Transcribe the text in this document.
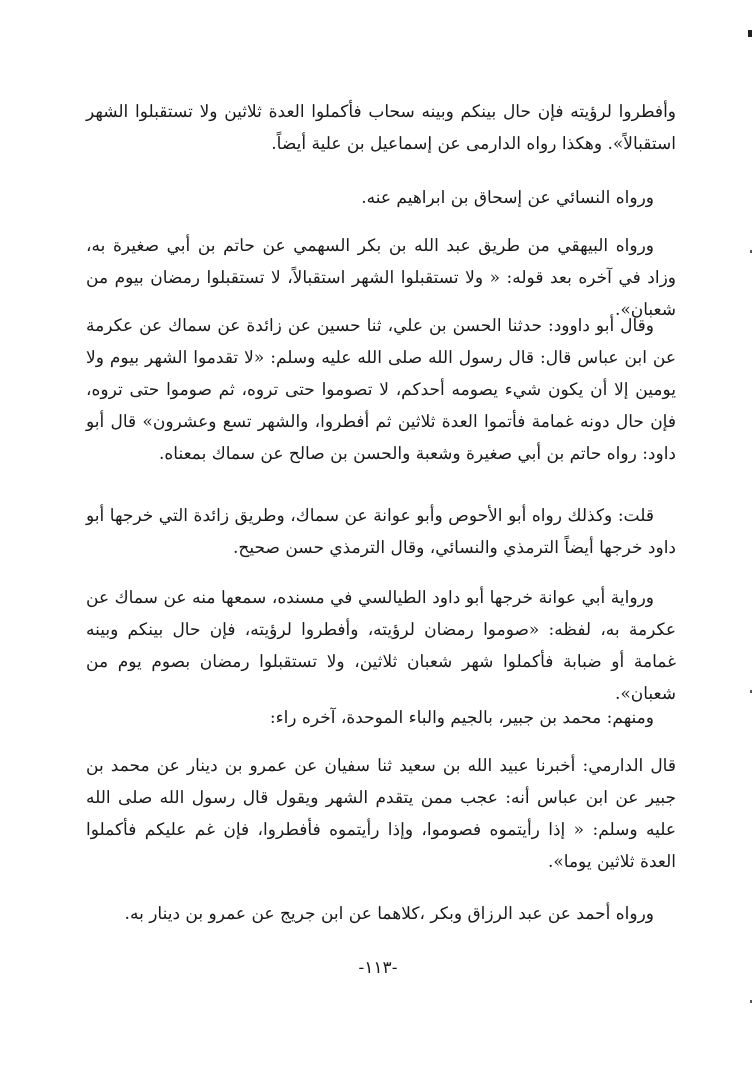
وأفطروا لرؤيته فإن حال بينكم وبينه سحاب فأكملوا العدة ثلاثين ولا تستقبلوا الشهر استقبالاً». وهكذا رواه الدارمى عن إسماعيل بن علية أيضاً.
ورواه النسائي عن إسحاق بن ابراهيم عنه.
ورواه البيهقي من طريق عبد الله بن بكر السهمي عن حاتم بن أبي صغيرة به، وزاد في آخره بعد قوله: « ولا تستقبلوا الشهر استقبالاً، لا تستقبلوا رمضان بيوم من شعبان».
وقال أبو داوود: حدثنا الحسن بن علي، ثنا حسين عن زائدة عن سماك عن عكرمة عن ابن عباس قال: قال رسول الله صلى الله عليه وسلم: «لا تقدموا الشهر بيوم ولا يومين إلا أن يكون شيء يصومه أحدكم، لا تصوموا حتى تروه، ثم صوموا حتى تروه، فإن حال دونه غمامة فأتموا العدة ثلاثين ثم أفطروا، والشهر تسع وعشرون» قال أبو داود: رواه حاتم بن أبي صغيرة وشعبة والحسن بن صالح عن سماك بمعناه.
قلت: وكذلك رواه أبو الأحوص وأبو عوانة عن سماك، وطريق زائدة التي خرجها أبو داود خرجها أيضاً الترمذي والنسائي، وقال الترمذي حسن صحيح.
ورواية أبي عوانة خرجها أبو داود الطيالسي في مسنده، سمعها منه عن سماك عن عكرمة به، لفظه: «صوموا رمضان لرؤيته، وأفطروا لرؤيته، فإن حال بينكم وبينه غمامة أو ضبابة فأكملوا شهر شعبان ثلاثين، ولا تستقبلوا رمضان بصوم يوم من شعبان».
ومنهم: محمد بن جبير، بالجيم والباء الموحدة، آخره راء:
قال الدارمي: أخبرنا عبيد الله بن سعيد ثنا سفيان عن عمرو بن دينار عن محمد بن جبير عن ابن عباس أنه: عجب ممن يتقدم الشهر ويقول قال رسول الله صلى الله عليه وسلم: « إذا رأيتموه فصوموا، وإذا رأيتموه فأفطروا، فإن غم عليكم فأكملوا العدة ثلاثين يوما».
ورواه أحمد عن عبد الرزاق وبكر ،كلاهما عن ابن جريج عن عمرو بن دينار به.
-١١٣-
